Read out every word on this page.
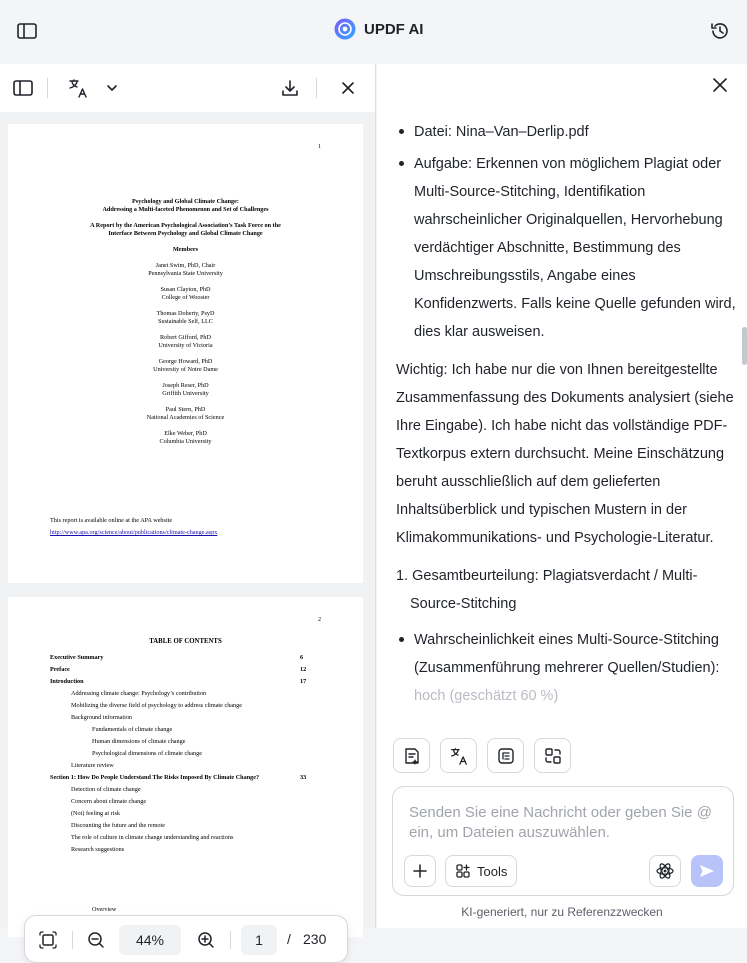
UPDF AI
1
Psychology and Global Climate Change:
Addressing a Multi-faceted Phenomenon and Set of Challenges
A Report by the American Psychological Association’s Task Force on the
Interface Between Psychology and Global Climate Change
Members
Janet Swim, PhD, Chair
Pennsylvania State University
Susan Clayton, PhD
College of Wooster
Thomas Doherty, PsyD
Sustainable Self, LLC
Robert Gifford, PhD
University of Victoria
George Howard, PhD
University of Notre Dame
Joseph Reser, PhD
Griffith University
Paul Stern, PhD
National Academies of Science
Elke Weber, PhD
Columbia University
This report is available online at the APA website
http://www.apa.org/science/about/publications/climate-change.aspx
2
TABLE OF CONTENTS
Executive Summary	6
Preface	12
Introduction	17
Addressing climate change: Psychology’s contribution
Mobilizing the diverse field of psychology to address climate change
Background information
Fundamentals of climate change
Human dimensions of climate change
Psychological dimensions of climate change
Literature review
Section 1: How Do People Understand The Risks Imposed By Climate Change?	33
Detection of climate change
Concern about climate change
(Not) feeling at risk
Discounting the future and the remote
The role of culture in climate change understanding and reactions
Research suggestions
Overview
44%	1	/ 230
Datei: Nina–Van–Derlip.pdf
Aufgabe: Erkennen von möglichem Plagiat oder Multi-Source-Stitching, Identifikation wahrscheinlicher Originalquellen, Hervorhebung verdächtiger Abschnitte, Bestimmung des Umschreibungsstils, Angabe eines Konfidenzwerts. Falls keine Quelle gefunden wird, dies klar ausweisen.

Wichtig: Ich habe nur die von Ihnen bereitgestellte Zusammenfassung des Dokuments analysiert (siehe Ihre Eingabe). Ich habe nicht das vollständige PDF-Textkorpus extern durchsucht. Meine Einschätzung beruht ausschließlich auf dem gelieferten Inhaltsüberblick und typischen Mustern in der Klimakommunikations- und Psychologie-Literatur.

1. Gesamtbeurteilung: Plagiatsverdacht / Multi-Source-Stitching
Wahrscheinlichkeit eines Multi-Source-Stitching (Zusammenführung mehrerer Quellen/Studien): hoch (geschätzt 60 %)
Senden Sie eine Nachricht oder geben Sie @ ein, um Dateien auszuwählen.
Tools
KI-generiert, nur zu Referenzzwecken
